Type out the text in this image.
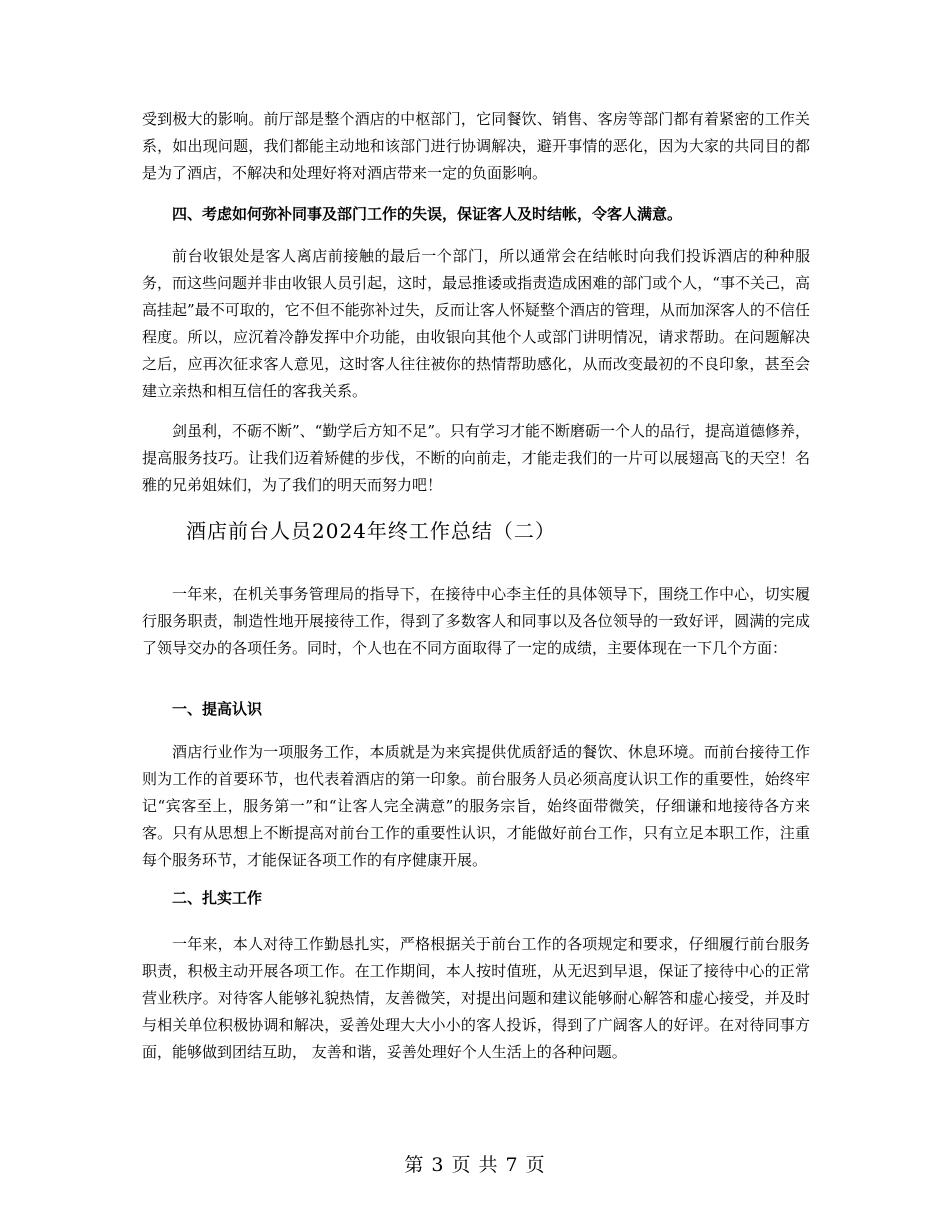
受到极大的影响。前厅部是整个酒店的中枢部门，它同餐饮、销售、客房等部门都有着紧密的工作关系，如出现问题，我们都能主动地和该部门进行协调解决，避开事情的恶化，因为大家的共同目的都是为了酒店，不解决和处理好将对酒店带来一定的负面影响。
四、考虑如何弥补同事及部门工作的失误，保证客人及时结帐，令客人满意。
前台收银处是客人离店前接触的最后一个部门，所以通常会在结帐时向我们投诉酒店的种种服务，而这些问题并非由收银人员引起，这时，最忌推诿或指责造成困难的部门或个人，“事不关己，高高挂起”最不可取的，它不但不能弥补过失，反而让客人怀疑整个酒店的管理，从而加深客人的不信任程度。所以，应沉着冷静发挥中介功能，由收银向其他个人或部门讲明情况，请求帮助。在问题解决之后，应再次征求客人意见，这时客人往往被你的热情帮助感化，从而改变最初的不良印象，甚至会建立亲热和相互信任的客我关系。
剑虽利，不砺不断”、“勤学后方知不足”。只有学习才能不断磨砺一个人的品行，提高道德修养，提高服务技巧。让我们迈着矫健的步伐，不断的向前走，才能走我们的一片可以展翅高飞的天空！名雅的兄弟姐妹们，为了我们的明天而努力吧！
酒店前台人员2024年终工作总结（二）
一年来，在机关事务管理局的指导下，在接待中心李主任的具体领导下，围绕工作中心，切实履行服务职责，制造性地开展接待工作，得到了多数客人和同事以及各位领导的一致好评，圆满的完成了领导交办的各项任务。同时，个人也在不同方面取得了一定的成绩，主要体现在一下几个方面：
一、提高认识
酒店行业作为一项服务工作，本质就是为来宾提供优质舒适的餐饮、休息环境。而前台接待工作则为工作的首要环节，也代表着酒店的第一印象。前台服务人员必须高度认识工作的重要性，始终牢记“宾客至上，服务第一”和“让客人完全满意”的服务宗旨，始终面带微笑，仔细谦和地接待各方来客。只有从思想上不断提高对前台工作的重要性认识，才能做好前台工作，只有立足本职工作，注重每个服务环节，才能保证各项工作的有序健康开展。
二、扎实工作
一年来，本人对待工作勤恳扎实，严格根据关于前台工作的各项规定和要求，仔细履行前台服务职责，积极主动开展各项工作。在工作期间，本人按时值班，从无迟到早退，保证了接待中心的正常营业秩序。对待客人能够礼貌热情，友善微笑，对提出问题和建议能够耐心解答和虚心接受，并及时与相关单位积极协调和解决，妥善处理大大小小的客人投诉，得到了广阔客人的好评。在对待同事方面，能够做到团结互助， 友善和谐，妥善处理好个人生活上的各种问题。
第 3 页 共 7 页
